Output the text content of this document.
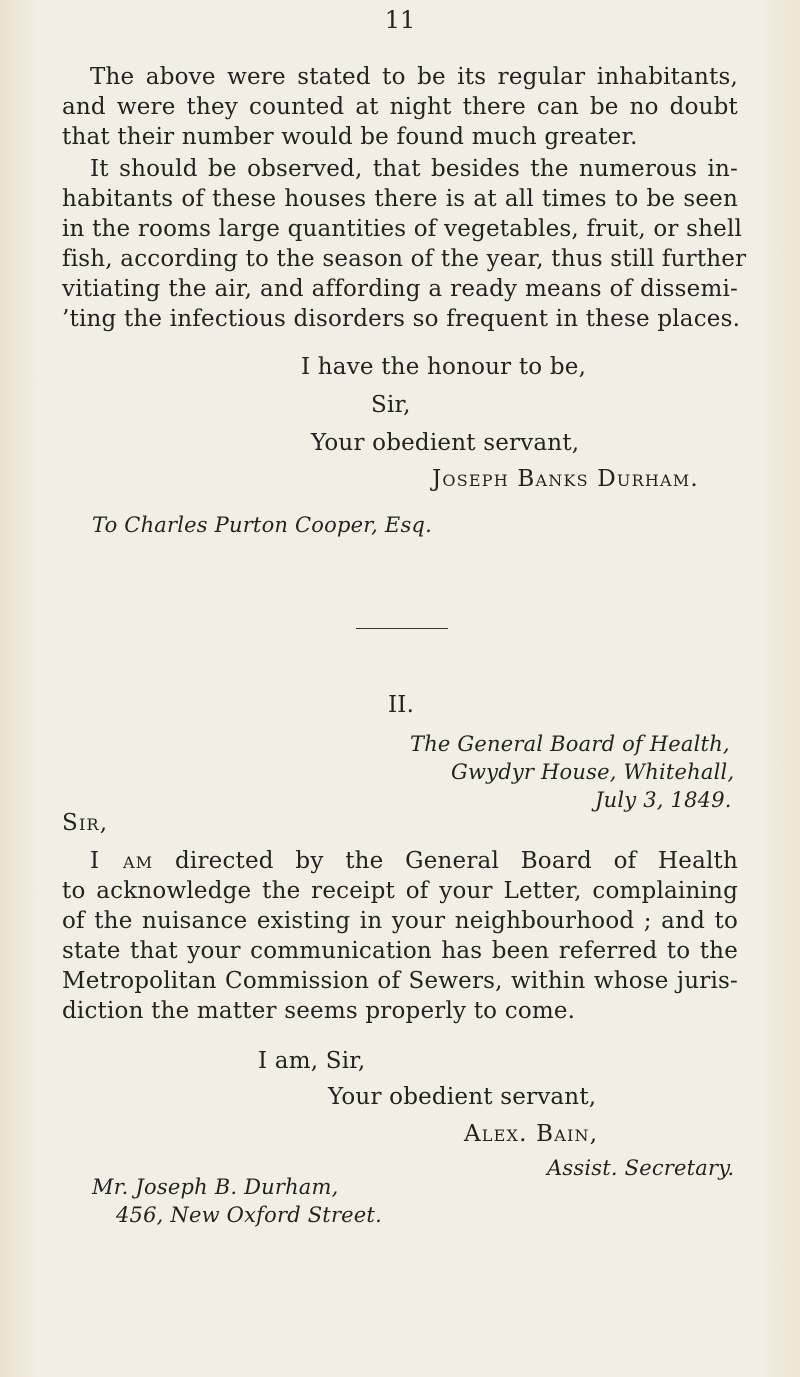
11
The above were stated to be its regular inhabitants,
and were they counted at night there can be no doubt
that their number would be found much greater.
It should be observed, that besides the numerous in-
habitants of these houses there is at all times to be seen
in the rooms large quantities of vegetables, fruit, or shell
fish, according to the season of the year, thus still further
vitiating the air, and affording a ready means of dissemi-
’ting the infectious disorders so frequent in these places.
I have the honour to be,
Sir,
Your obedient servant,
Joseph Banks Durham.
To Charles Purton Cooper, Esq.
II.
The General Board of Health,
Gwydyr House, Whitehall,
July 3, 1849.
Sir,
I am directed by the General Board of Health
to acknowledge the receipt of your Letter, complaining
of the nuisance existing in your neighbourhood ; and to
state that your communication has been referred to the
Metropolitan Commission of Sewers, within whose juris-
diction the matter seems properly to come.
I am, Sir,
Your obedient servant,
Alex. Bain,
Assist. Secretary.
Mr. Joseph B. Durham,
456, New Oxford Street.
